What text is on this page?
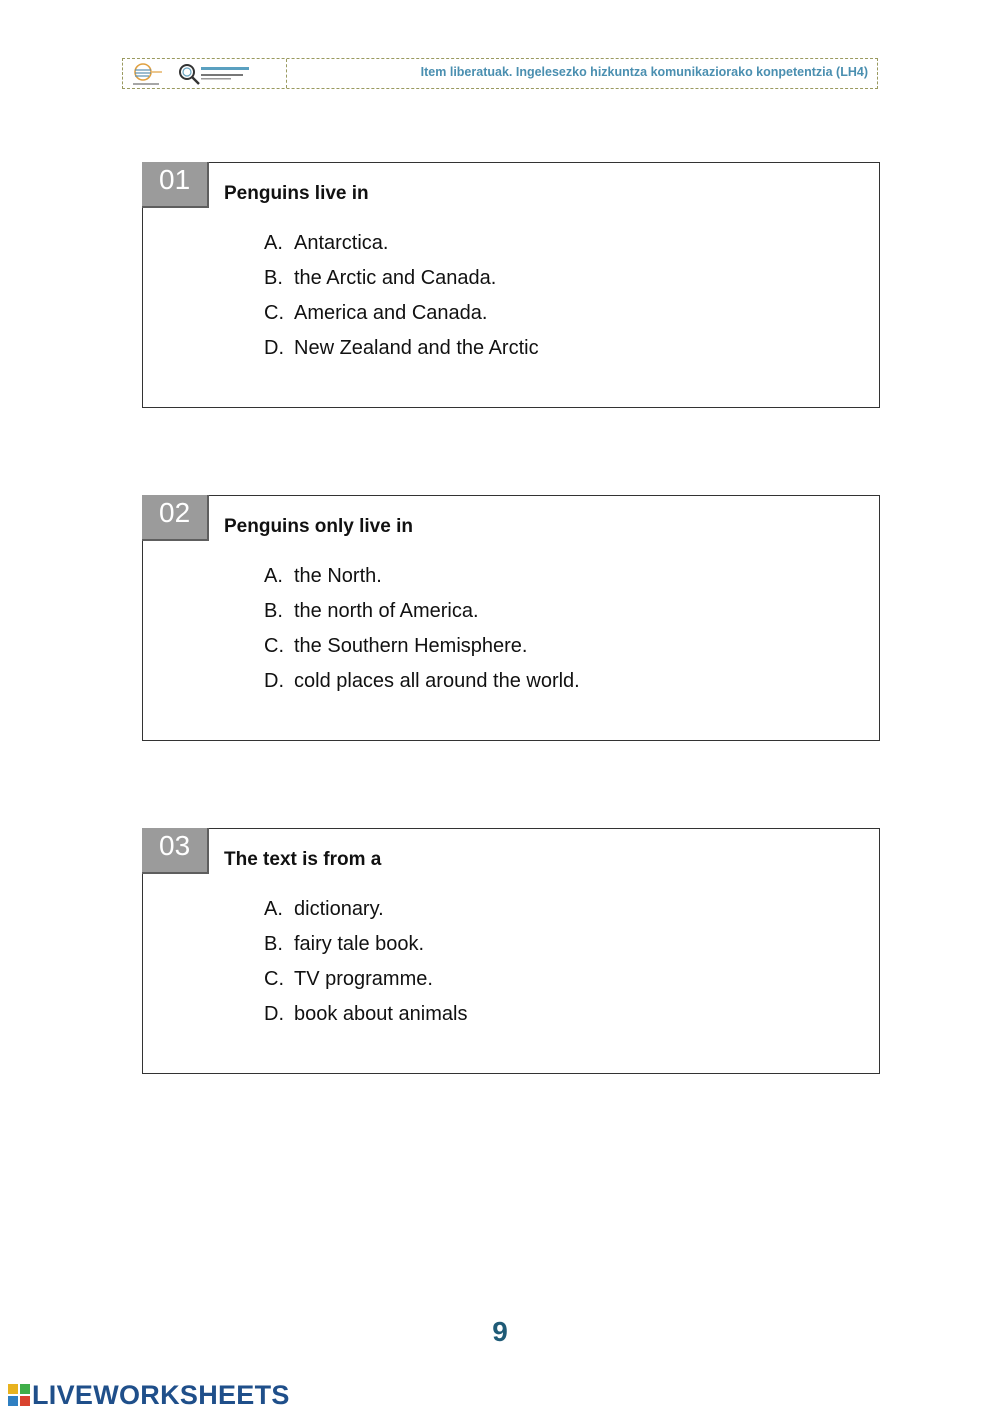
Item liberatuak. Ingelesezko hizkuntza komunikaziorako konpetentzia (LH4)
01	Penguins live in
A. Antarctica.
B. the Arctic and Canada.
C. America and Canada.
D. New Zealand and the Arctic
02	Penguins only live in
A. the North.
B. the north of America.
C. the Southern Hemisphere.
D. cold places all around the world.
03	The text is from a
A. dictionary.
B. fairy tale book.
C. TV programme.
D. book about animals
9
LIVEWORKSHEETS
